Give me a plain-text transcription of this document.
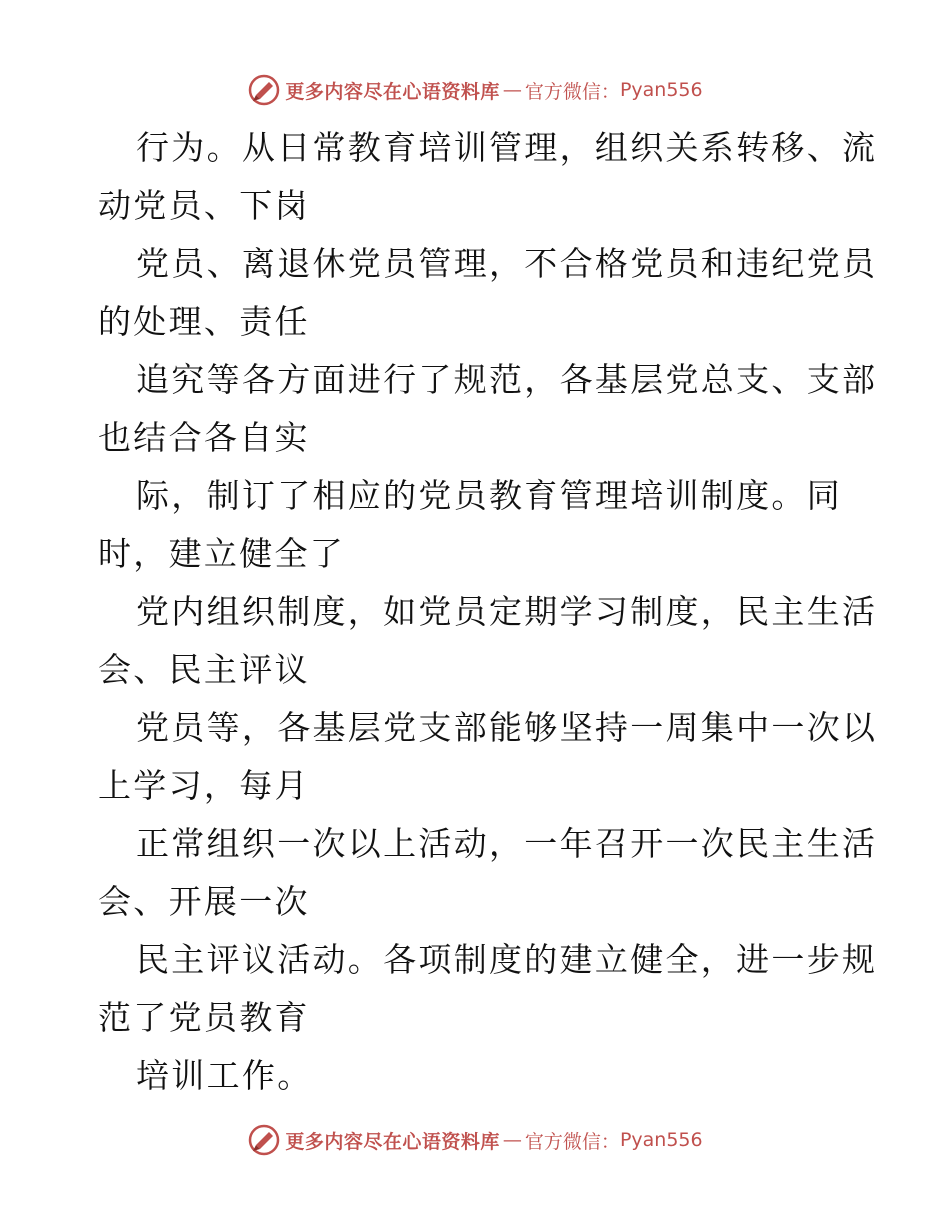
更多内容尽在心语资料库 — 官方微信： Pyan556
行为。从日常教育培训管理，组织关系转移、流
动党员、下岗
党员、离退休党员管理，不合格党员和违纪党员
的处理、责任
追究等各方面进行了规范，各基层党总支、支部
也结合各自实
际，制订了相应的党员教育管理培训制度。同
时，建立健全了
党内组织制度，如党员定期学习制度，民主生活
会、民主评议
党员等，各基层党支部能够坚持一周集中一次以
上学习，每月
正常组织一次以上活动，一年召开一次民主生活
会、开展一次
民主评议活动。各项制度的建立健全，进一步规
范了党员教育
培训工作。
更多内容尽在心语资料库 — 官方微信： Pyan556
